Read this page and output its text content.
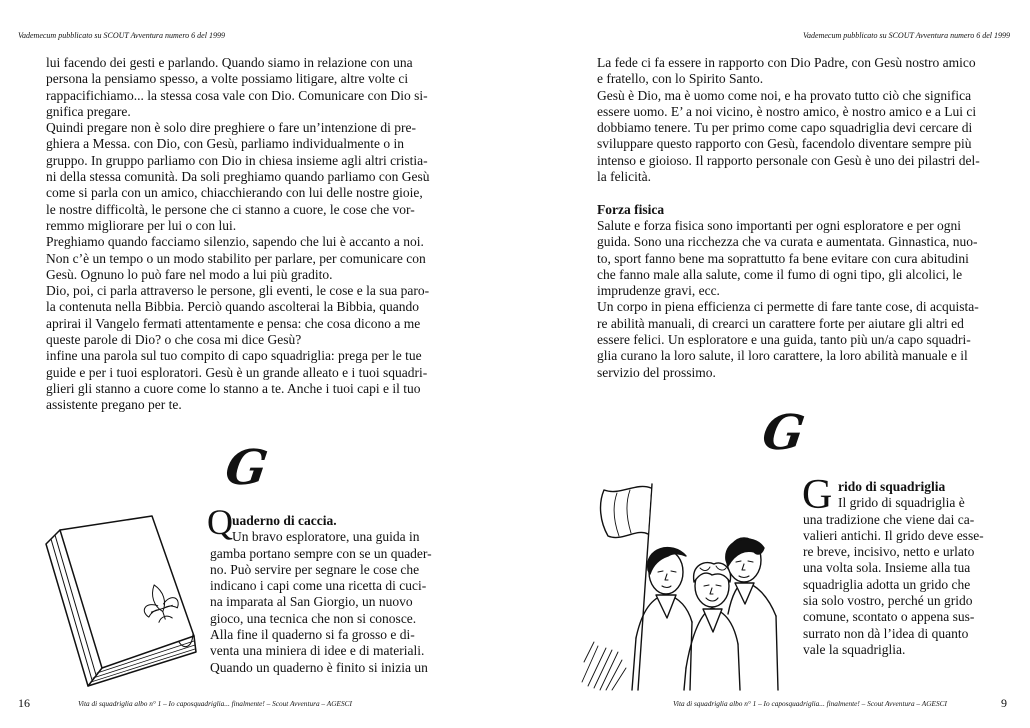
Vademecum pubblicato su SCOUT Avventura numero 6 del 1999
lui facendo dei gesti e parlando. Quando siamo in relazione con una
persona la pensiamo spesso, a volte possiamo litigare, altre volte ci
rappacifichiamo... la stessa cosa vale con Dio. Comunicare con Dio si-
gnifica pregare.
Quindi pregare non è solo dire preghiere o fare un’intenzione di pre-
ghiera a Messa. con Dio, con Gesù, parliamo individualmente o in
gruppo. In gruppo parliamo con Dio in chiesa insieme agli altri cristia-
ni della stessa comunità. Da soli preghiamo quando parliamo con Gesù
come si parla con un amico, chiacchierando con lui delle nostre gioie,
le nostre difficoltà, le persone che ci stanno a cuore, le cose che vor-
remmo migliorare per lui o con lui.
Preghiamo quando facciamo silenzio, sapendo che lui è accanto a noi.
Non c’è un tempo o un modo stabilito per parlare, per comunicare con
Gesù. Ognuno lo può fare nel modo a lui più gradito.
Dio, poi, ci parla attraverso le persone, gli eventi, le cose e la sua paro-
la contenuta nella Bibbia. Perciò quando ascolterai la Bibbia, quando
aprirai il Vangelo fermati attentamente e pensa: che cosa dicono a me
queste parole di Dio? o che cosa mi dice Gesù?
infine una parola sul tuo compito di capo squadriglia: prega per le tue
guide e per i tuoi esploratori. Gesù è un grande alleato e i tuoi squadri-
glieri gli stanno a cuore come lo stanno a te. Anche i tuoi capi e il tuo
assistente pregano per te.
G
Q uaderno di caccia.
Un bravo esploratore, una guida in
gamba portano sempre con se un quader-
no. Può servire per segnare le cose che
indicano i capi come una ricetta di cuci-
na imparata al San Giorgio, un nuovo
gioco, una tecnica che non si conosce.
Alla fine il quaderno si fa grosso e di-
venta una miniera di idee e di materiali.
Quando un quaderno è finito si inizia un
16	Vita di squadriglia albo n° 1 – Io caposquadriglia... finalmente! – Scout Avventura – AGESCI
Vademecum pubblicato su SCOUT Avventura numero 6 del 1999
La fede ci fa essere in rapporto con Dio Padre, con Gesù nostro amico
e fratello, con lo Spirito Santo.
Gesù è Dio, ma è uomo come noi, e ha provato tutto ciò che significa
essere uomo. E’ a noi vicino, è nostro amico, è nostro amico e a Lui ci
dobbiamo tenere. Tu per primo come capo squadriglia devi cercare di
sviluppare questo rapporto con Gesù, facendolo diventare sempre più
intenso e gioioso. Il rapporto personale con Gesù è uno dei pilastri del-
la felicità.
Forza fisica
Salute e forza fisica sono importanti per ogni esploratore e per ogni
guida. Sono una ricchezza che va curata e aumentata. Ginnastica, nuo-
to, sport fanno bene ma soprattutto fa bene evitare con cura abitudini
che fanno male alla salute, come il fumo di ogni tipo, gli alcolici, le
imprudenze gravi, ecc.
Un corpo in piena efficienza ci permette di fare tante cose, di acquista-
re abilità manuali, di crearci un carattere forte per aiutare gli altri ed
essere felici. Un esploratore e una guida, tanto più un/a capo squadri-
glia curano la loro salute, il loro carattere, la loro abilità manuale e il
servizio del prossimo.
G
G rido di squadriglia
Il grido di squadriglia è
una tradizione che viene dai ca-
valieri antichi. Il grido deve esse-
re breve, incisivo, netto e urlato
una volta sola. Insieme alla tua
squadriglia adotta un grido che
sia solo vostro, perché un grido
comune, scontato o appena sus-
surrato non dà l’idea di quanto
vale la squadriglia.
Vita di squadriglia albo n° 1 – Io caposquadriglia... finalmente! – Scout Avventura – AGESCI	9
